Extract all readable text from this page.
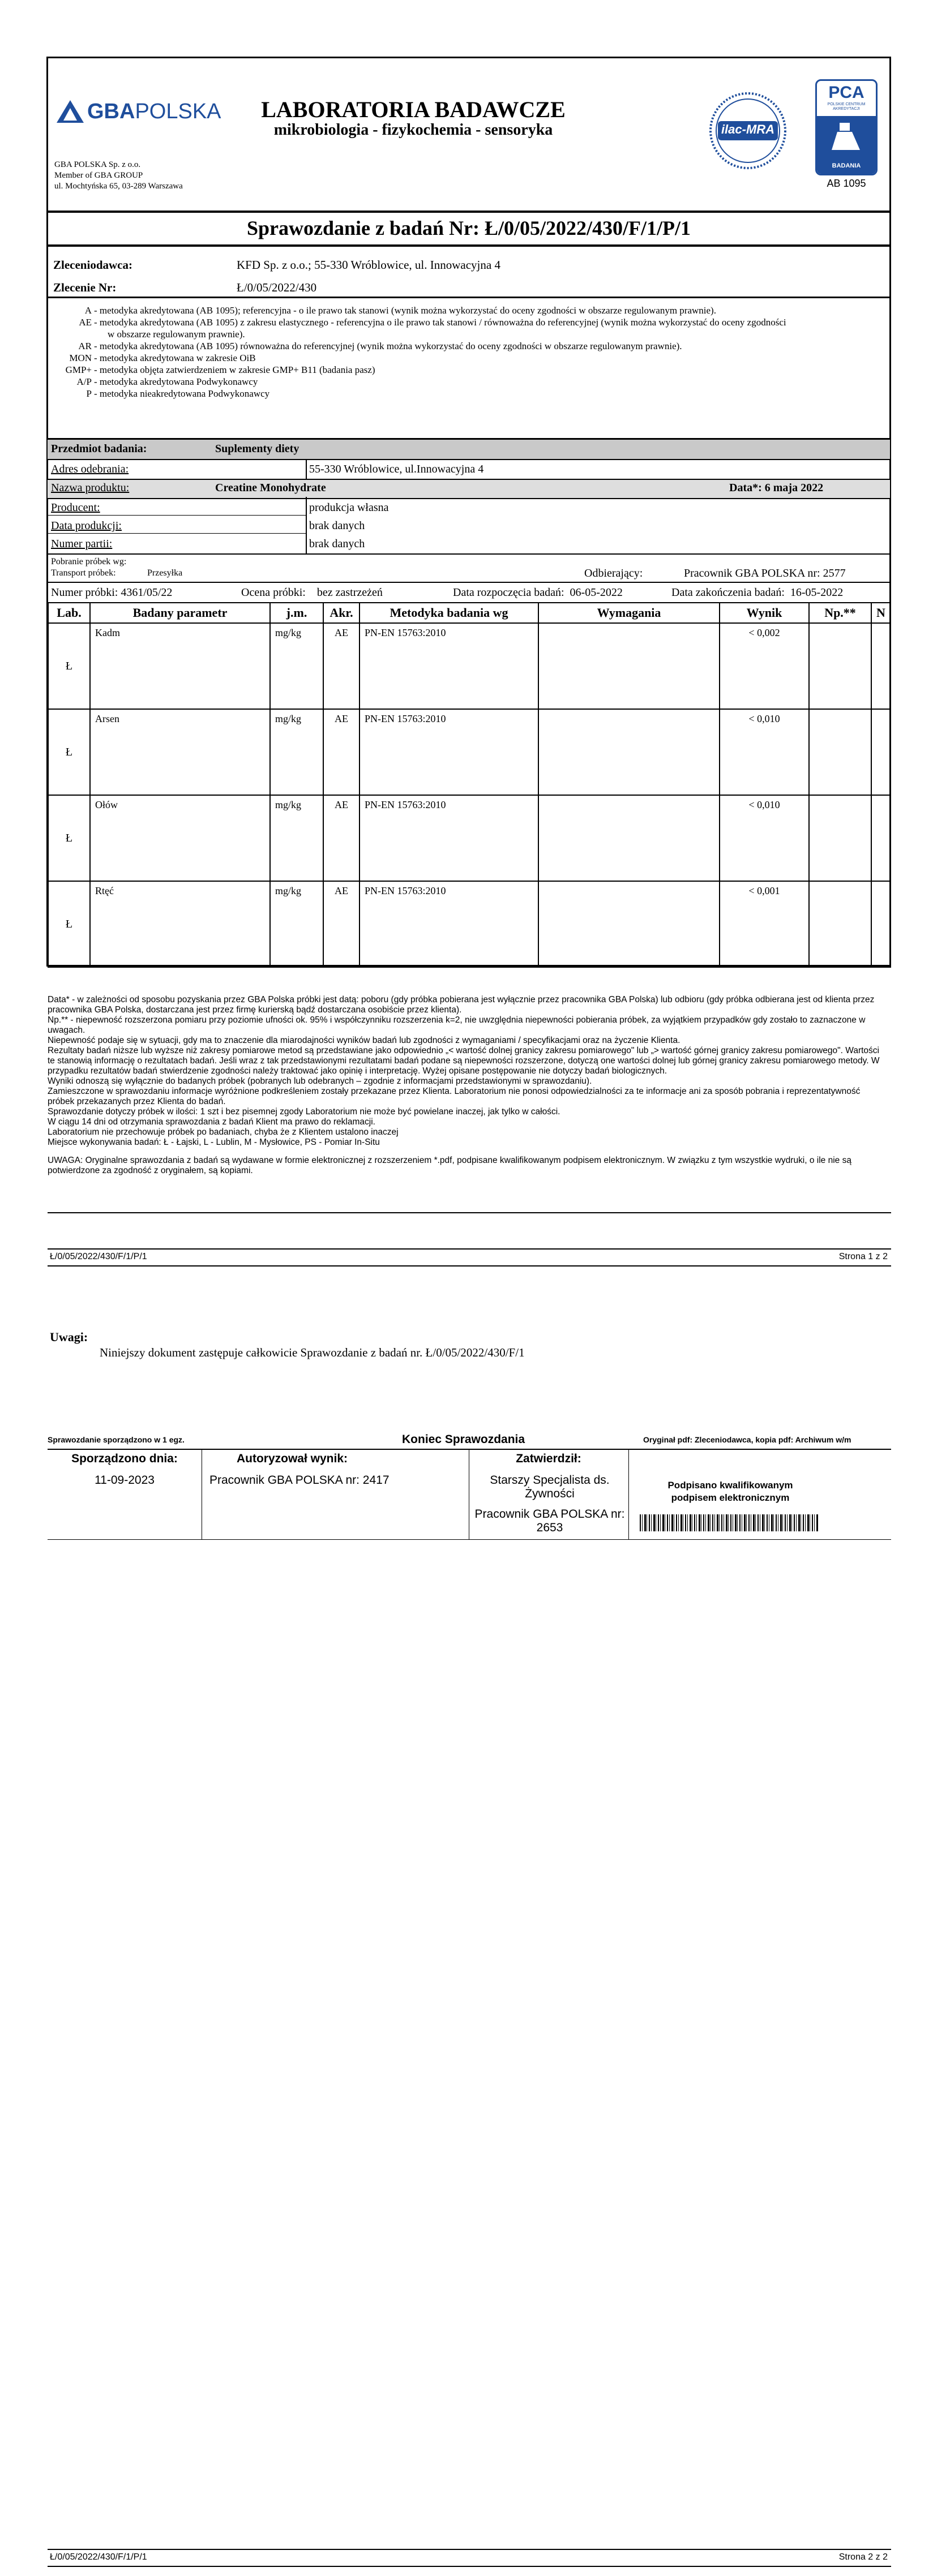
GBA POLSKA	LABORATORIA BADAWCZE
mikrobiologia - fizykochemia - sensoryka
GBA POLSKA Sp. z o.o.
Member of GBA GROUP
ul. Mochtyńska 65, 03-289 Warszawa
ilac-MRA
PCA
POLSKIE CENTRUM AKREDYTACJI
BADANIA
AB 1095
Sprawozdanie z badań Nr: Ł/0/05/2022/430/F/1/P/1
Zleceniodawca:	KFD Sp. z o.o.; 55-330 Wróblowice, ul. Innowacyjna 4
Zlecenie Nr:	Ł/0/05/2022/430
A - metodyka akredytowana (AB 1095); referencyjna - o ile prawo tak stanowi (wynik można wykorzystać do oceny zgodności w obszarze regulowanym prawnie).
AE - metodyka akredytowana (AB 1095) z zakresu elastycznego - referencyjna o ile prawo tak stanowi / równoważna do referencyjnej (wynik można wykorzystać do oceny zgodności
w obszarze regulowanym prawnie).
AR - metodyka akredytowana (AB 1095) równoważna do referencyjnej (wynik można wykorzystać do oceny zgodności w obszarze regulowanym prawnie).
MON - metodyka akredytowana w zakresie OiB
GMP+ - metodyka objęta zatwierdzeniem w zakresie GMP+ B11 (badania pasz)
A/P - metodyka akredytowana Podwykonawcy
P - metodyka nieakredytowana Podwykonawcy
Przedmiot badania:	Suplementy diety
Adres odebrania:	55-330 Wróblowice, ul.Innowacyjna 4
Nazwa produktu:	Creatine Monohydrate	Data*: 6 maja 2022
Producent:	produkcja własna
Data produkcji:	brak danych
Numer partii:	brak danych
Pobranie próbek wg:
Transport próbek:	Przesyłka	Odbierający:	Pracownik GBA POLSKA nr: 2577
Numer próbki: 4361/05/22	Ocena próbki: bez zastrzeżeń	Data rozpoczęcia badań: 06-05-2022	Data zakończenia badań: 16-05-2022
Lab.	Badany parametr	j.m.	Akr.	Metodyka badania wg	Wymagania	Wynik	Np.**	N
Ł	Kadm	mg/kg	AE	PN-EN 15763:2010		< 0,002		
Ł	Arsen	mg/kg	AE	PN-EN 15763:2010		< 0,010		
Ł	Ołów	mg/kg	AE	PN-EN 15763:2010		< 0,010		
Ł	Rtęć	mg/kg	AE	PN-EN 15763:2010		< 0,001		

Data* - w zależności od sposobu pozyskania przez GBA Polska próbki jest datą: poboru (gdy próbka pobierana jest wyłącznie przez pracownika GBA Polska) lub odbioru (gdy próbka odbierana jest od klienta przez pracownika GBA Polska, dostarczana jest przez firmę kurierską bądź dostarczana osobiście przez klienta).

Np.** - niepewność rozszerzona pomiaru przy poziomie ufności ok. 95% i współczynniku rozszerzenia k=2, nie uwzględnia niepewności pobierania próbek, za wyjątkiem przypadków gdy zostało to zaznaczone w uwagach.

Niepewność podaje się w sytuacji, gdy ma to znaczenie dla miarodajności wyników badań lub zgodności z wymaganiami / specyfikacjami oraz na życzenie Klienta.

Rezultaty badań niższe lub wyższe niż zakresy pomiarowe metod są przedstawiane jako odpowiednio „< wartość dolnej granicy zakresu pomiarowego" lub „> wartość górnej granicy zakresu pomiarowego". Wartości te stanowią informację o rezultatach badań. Jeśli wraz z tak przedstawionymi rezultatami badań podane są niepewności rozszerzone, dotyczą one wartości dolnej lub górnej granicy zakresu pomiarowego metody. W przypadku rezultatów badań stwierdzenie zgodności należy traktować jako opinię i interpretację. Wyżej opisane postępowanie nie dotyczy badań biologicznych.

Wyniki odnoszą się wyłącznie do badanych próbek (pobranych lub odebranych – zgodnie z informacjami przedstawionymi w sprawozdaniu).

Zamieszczone w sprawozdaniu informacje wyróżnione podkreśleniem zostały przekazane przez Klienta. Laboratorium nie ponosi odpowiedzialności za te informacje ani za sposób pobrania i reprezentatywność próbek przekazanych przez Klienta do badań.

Sprawozdanie dotyczy próbek w ilości: 1 szt i bez pisemnej zgody Laboratorium nie może być powielane inaczej, jak tylko w całości.

W ciągu 14 dni od otrzymania sprawozdania z badań Klient ma prawo do reklamacji.

Laboratorium nie przechowuje próbek po badaniach, chyba że z Klientem ustalono inaczej

Miejsce wykonywania badań: Ł - Łajski, L - Lublin, M - Mysłowice, PS - Pomiar In-Situ

UWAGA: Oryginalne sprawozdania z badań są wydawane w formie elektronicznej z rozszerzeniem *.pdf, podpisane kwalifikowanym podpisem elektronicznym. W związku z tym wszystkie wydruki, o ile nie są potwierdzone za zgodność z oryginałem, są kopiami.

Ł/0/05/2022/430/F/1/P/1	Strona 1 z 2
Uwagi:
Niniejszy dokument zastępuje całkowicie Sprawozdanie z badań nr. Ł/0/05/2022/430/F/1
Sprawozdanie sporządzono w 1 egz.	Koniec Sprawozdania	Oryginał pdf: Zleceniodawca, kopia pdf: Archiwum w/m
Sporządzono dnia:
11-09-2023
Autoryzował wynik:
Pracownik GBA POLSKA nr: 2417
Zatwierdził:
Starszy Specjalista ds. Żywności
Pracownik GBA POLSKA nr: 2653
Podpisano kwalifikowanym podpisem elektronicznym
Ł/0/05/2022/430/F/1/P/1	Strona 2 z 2
